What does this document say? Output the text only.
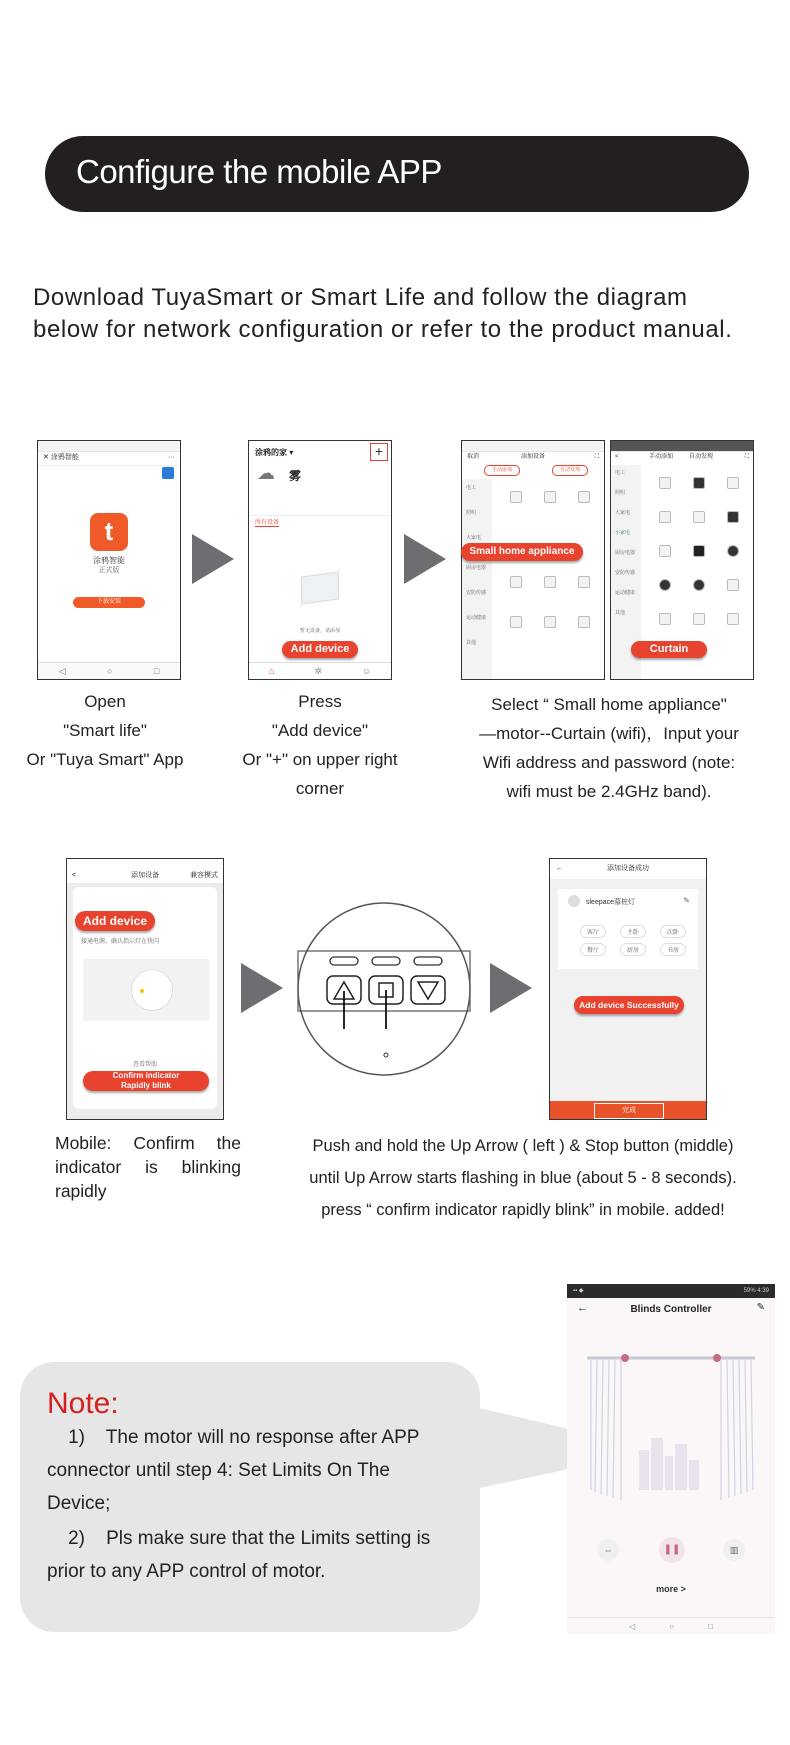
Configure the mobile APP
Download TuyaSmart or Smart Life and follow the diagram
below for network configuration or refer to the product manual.
✕ 涂鸦智能	···
t
涂鸦智能
正式版
下载安装
◁	○	□
Open
"Smart life"
Or "Tuya Smart" App
涂鸦的家 ▾	+
☁ 雾
所有设备
暂无设备，请添加
Add device
⌂	✲	☺
Press
"Add device"
Or "+" on upper right
corner
取消	添加设备	⛶
手动添加	自动发现
电工
照明
大家电
厨房电器
安防传感
运动健康
其他
Small home appliance
<	手动添加	自动发现	⛶
电工
照明
大家电
小家电
厨房电器
安防传感
运动健康
其他
Curtain
Select “ Small home appliance"
—motor--Curtain (wifi)，Input your
Wifi address and password (note:
wifi must be 2.4GHz band).
<	添加设备	兼容模式
Add device
接通电源，确认指示灯在快闪
查看帮助
Confirm indicator
Rapidly blink
Mobile: Confirm the
indicator is blinking
rapidly
←	添加设备成功
sleepace慕桩灯	✎
客厅	主卧	次卧
餐厅	厨房	书房
Add device Successfully
完成
Push and hold the Up Arrow ( left ) & Stop button (middle)
until Up Arrow starts flashing in blue (about 5 - 8 seconds).
press “ confirm indicator rapidly blink” in mobile. added!
Note:
1)    The motor will no response after APP
connector until step 4: Set Limits On The
Device;
2)    Pls make sure that the Limits setting is
prior to any APP control of motor.
▪▪ ◆	59% 4:39
←	Blinds Controller	✎
⇔	❚❚	▥
more >
◁	○	□
